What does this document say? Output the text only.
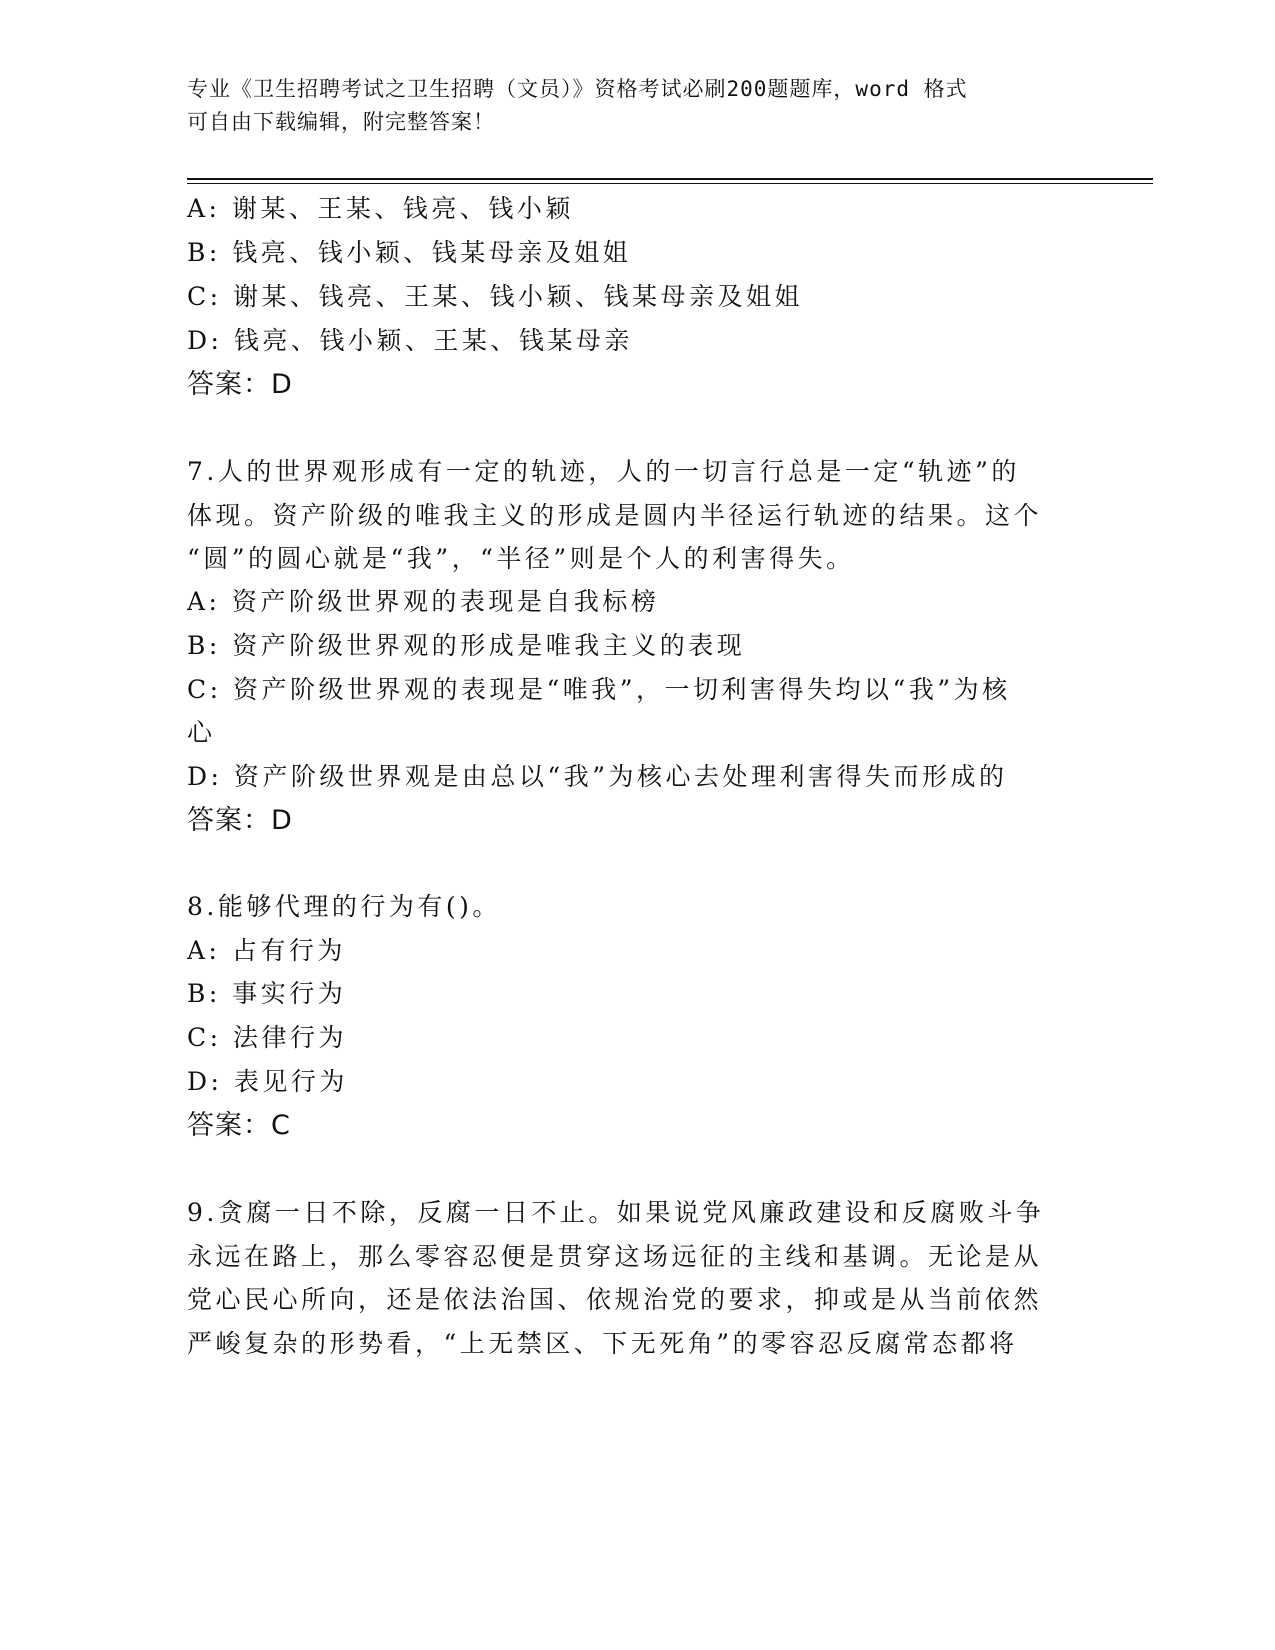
专业《卫生招聘考试之卫生招聘（文员）》资格考试必刷200题题库，word 格式
可自由下载编辑，附完整答案！
A: 谢某、王某、钱亮、钱小颖
B: 钱亮、钱小颖、钱某母亲及姐姐
C: 谢某、钱亮、王某、钱小颖、钱某母亲及姐姐
D: 钱亮、钱小颖、王某、钱某母亲
答案：D
7.人的世界观形成有一定的轨迹，人的一切言行总是一定“轨迹”的
体现。资产阶级的唯我主义的形成是圆内半径运行轨迹的结果。这个
“圆”的圆心就是“我”，“半径”则是个人的利害得失。
A: 资产阶级世界观的表现是自我标榜
B: 资产阶级世界观的形成是唯我主义的表现
C: 资产阶级世界观的表现是“唯我”，一切利害得失均以“我”为核
心
D: 资产阶级世界观是由总以“我”为核心去处理利害得失而形成的
答案：D
8.能够代理的行为有()。
A: 占有行为
B: 事实行为
C: 法律行为
D: 表见行为
答案：C
9.贪腐一日不除，反腐一日不止。如果说党风廉政建设和反腐败斗争
永远在路上，那么零容忍便是贯穿这场远征的主线和基调。无论是从
党心民心所向，还是依法治国、依规治党的要求，抑或是从当前依然
严峻复杂的形势看，“上无禁区、下无死角”的零容忍反腐常态都将
